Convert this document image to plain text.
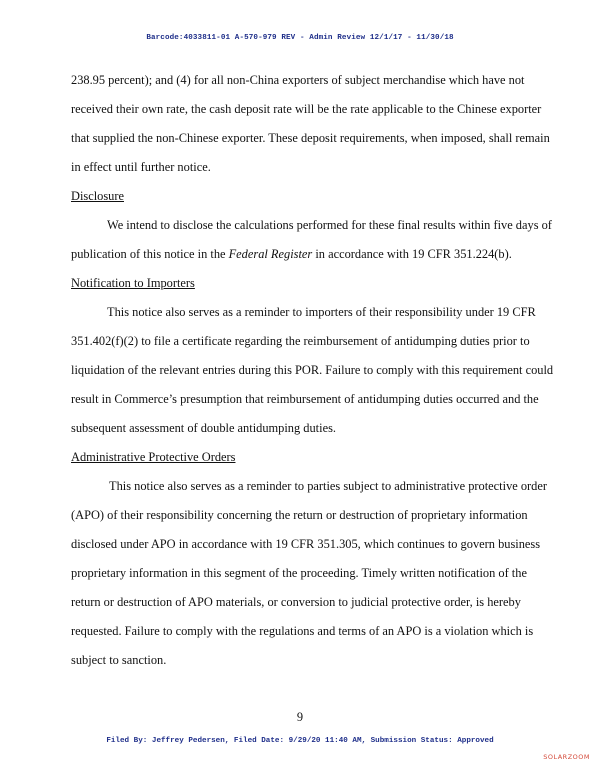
Barcode:4033811-01 A-570-979 REV - Admin Review 12/1/17 - 11/30/18
238.95 percent); and (4) for all non-China exporters of subject merchandise which have not
received their own rate, the cash deposit rate will be the rate applicable to the Chinese exporter
that supplied the non-Chinese exporter. These deposit requirements, when imposed, shall remain
in effect until further notice.
Disclosure
We intend to disclose the calculations performed for these final results within five days of
publication of this notice in the Federal Register in accordance with 19 CFR 351.224(b).
Notification to Importers
This notice also serves as a reminder to importers of their responsibility under 19 CFR
351.402(f)(2) to file a certificate regarding the reimbursement of antidumping duties prior to
liquidation of the relevant entries during this POR. Failure to comply with this requirement could
result in Commerce’s presumption that reimbursement of antidumping duties occurred and the
subsequent assessment of double antidumping duties.
Administrative Protective Orders
This notice also serves as a reminder to parties subject to administrative protective order
(APO) of their responsibility concerning the return or destruction of proprietary information
disclosed under APO in accordance with 19 CFR 351.305, which continues to govern business
proprietary information in this segment of the proceeding. Timely written notification of the
return or destruction of APO materials, or conversion to judicial protective order, is hereby
requested. Failure to comply with the regulations and terms of an APO is a violation which is
subject to sanction.
9
Filed By: Jeffrey Pedersen, Filed Date: 9/29/20 11:40 AM, Submission Status: Approved
SOLARZOOM
